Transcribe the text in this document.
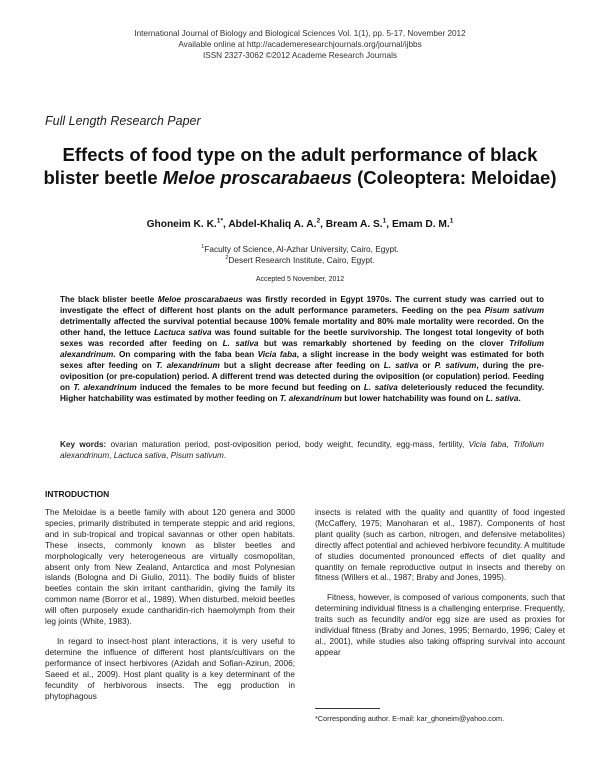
International Journal of Biology and Biological Sciences Vol. 1(1), pp. 5-17, November 2012
Available online at http://academeresearchjournals.org/journal/ijbbs
ISSN 2327-3062 ©2012 Academe Research Journals
Full Length Research Paper
Effects of food type on the adult performance of black blister beetle Meloe proscarabaeus (Coleoptera: Meloidae)
Ghoneim K. K.$^{1*}$, Abdel-Khaliq A. A.$^2$, Bream A. S.$^1$, Emam D. M.$^1$
$^1$Faculty of Science, Al-Azhar University, Cairo, Egypt.
$^2$Desert Research Institute, Cairo, Egypt.
Accepted 5 November, 2012
The black blister beetle Meloe proscarabaeus was firstly recorded in Egypt 1970s. The current study was carried out to investigate the effect of different host plants on the adult performance parameters. Feeding on the pea Pisum sativum detrimentally affected the survival potential because 100% female mortality and 80% male mortality were recorded. On the other hand, the lettuce Lactuca sativa was found suitable for the beetle survivorship. The longest total longevity of both sexes was recorded after feeding on L. sativa but was remarkably shortened by feeding on the clover Trifolium alexandrinum. On comparing with the faba bean Vicia faba, a slight increase in the body weight was estimated for both sexes after feeding on T. alexandrinum but a slight decrease after feeding on L. sativa or P. sativum, during the pre-oviposition (or pre-copulation) period. A different trend was detected during the oviposition (or copulation) period. Feeding on T. alexandrinum induced the females to be more fecund but feeding on L. sativa deleteriously reduced the fecundity. Higher hatchability was estimated by mother feeding on T. alexandrinum but lower hatchability was found on L. sativa.
Key words: ovarian maturation period, post-oviposition period, body weight, fecundity, egg-mass, fertility, Vicia faba, Trifolium alexandrinum, Lactuca sativa, Pisum sativum.
INTRODUCTION

The Meloidae is a beetle family with about 120 genera and 3000 species, primarily distributed in temperate steppic and arid regions, and in sub-tropical and tropical savannas or other open habitats. These insects, commonly known as blister beetles and morphologically very heterogeneous are virtually cosmopolitan, absent only from New Zealand, Antarctica and most Polynesian islands (Bologna and Di Giulio, 2011). The bodily fluids of blister beetles contain the skin irritant cantharidin, giving the family its common name (Borror et al., 1989). When disturbed, meloid beetles will often purposely exude cantharidin-rich haemolymph from their leg joints (White, 1983).

In regard to insect-host plant interactions, it is very useful to determine the influence of different host plants/cultivars on the performance of insect herbivores (Azidah and Sofian-Azirun, 2006; Saeed et al., 2009). Host plant quality is a key determinant of the fecundity of herbivorous insects. The egg production in phytophagous

insects is related with the quality and quantity of food ingested (McCaffery, 1975; Manoharan et al., 1987). Components of host plant quality (such as carbon, nitrogen, and defensive metabolites) directly affect potential and achieved herbivore fecundity. A multitude of studies documented pronounced effects of diet quality and quantity on female reproductive output in insects and thereby on fitness (Willers et al., 1987; Braby and Jones, 1995).

Fitness, however, is composed of various components, such that determining individual fitness is a challenging enterprise. Frequently, traits such as fecundity and/or egg size are used as proxies for individual fitness (Braby and Jones, 1995; Bernardo, 1996; Caley et al., 2001), while studies also taking offspring survival into account appear

*Corresponding author. E-mail: kar_ghoneim@yahoo.com.
